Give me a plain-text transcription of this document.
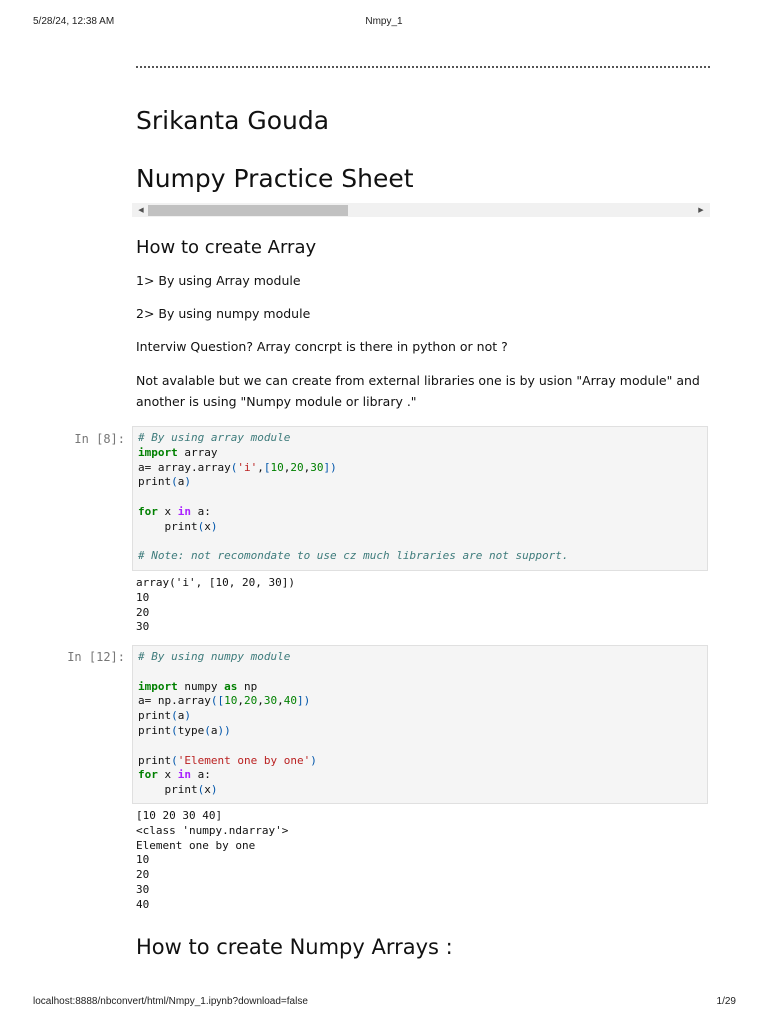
Nmpy_1
5/28/24, 12:38 AM
Srikanta Gouda
Numpy Practice Sheet
◀	▶
How to create Array

1> By using Array module

2> By using numpy module

Interviw Question? Array concrpt is there in python or not ?

Not avalable but we can create from external libraries one is by usion "Array module" and another is using "Numpy module or library ."

In [8]: # By using array module
import array
a= array.array('i',[10,20,30])
print(a)
for x in a:
print(x)
# Note: not recomondate to use cz much libraries are not support.
array('i', [10, 20, 30])
10
20
30
In [12]: # By using numpy module
import numpy as np
a= np.array([10,20,30,40])
print(a)
print(type(a))
print('Element one by one')
for x in a:
print(x)
[10 20 30 40]
<class 'numpy.ndarray'>
Element one by one
10
20
30
40
How to create Numpy Arrays :
localhost:8888/nbconvert/html/Nmpy_1.ipynb?download=false	1/29
